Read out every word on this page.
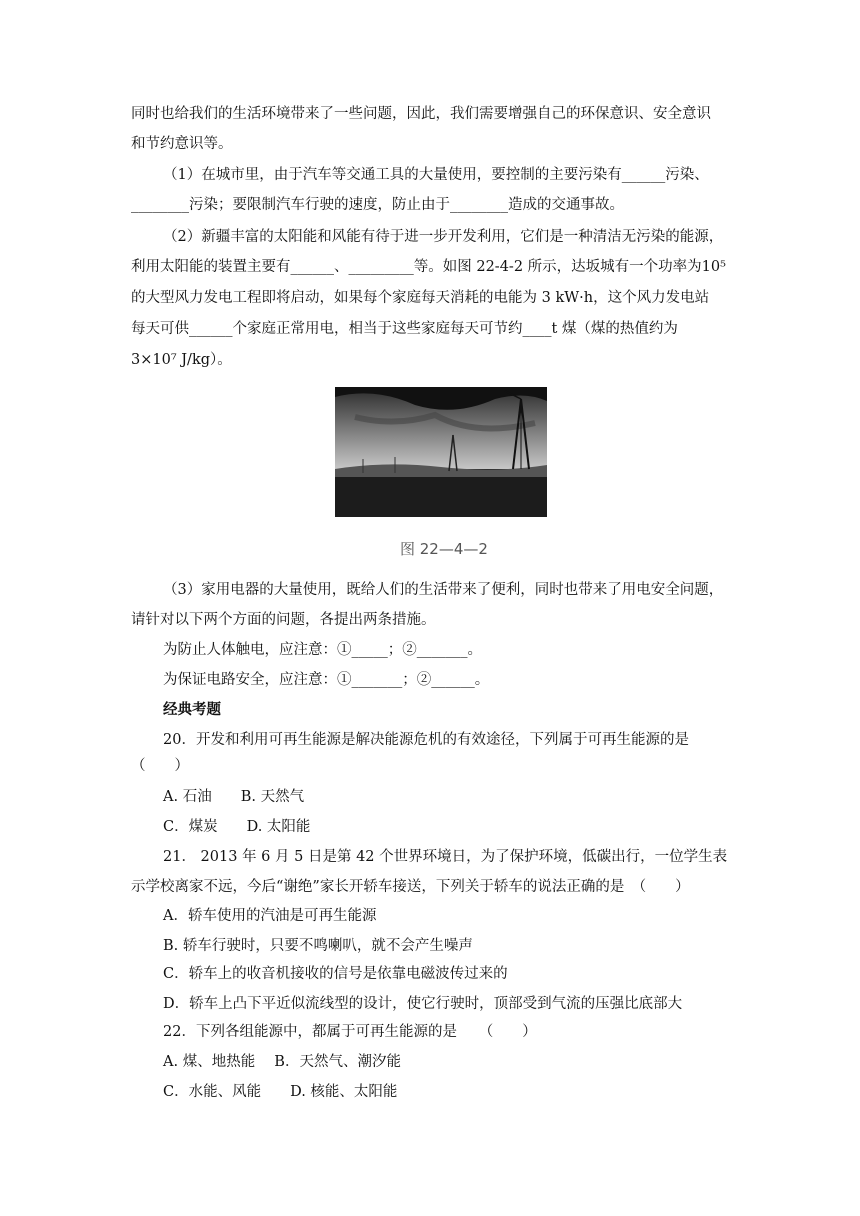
同时也给我们的生活环境带来了一些问题，因此，我们需要增强自己的环保意识、安全意识
和节约意识等。
（1）在城市里，由于汽车等交通工具的大量使用，要控制的主要污染有______污染、
________污染；要限制汽车行驶的速度，防止由于________造成的交通事故。
（2）新疆丰富的太阳能和风能有待于进一步开发利用，它们是一种清洁无污染的能源，
利用太阳能的装置主要有______、_________等。如图 22-4-2 所示，达坂城有一个功率为10⁵
的大型风力发电工程即将启动，如果每个家庭每天消耗的电能为 3 kW·h，这个风力发电站
每天可供______个家庭正常用电，相当于这些家庭每天可节约____t 煤（煤的热值约为
3×10⁷ J/kg）。
图 22—4—2
（3）家用电器的大量使用，既给人们的生活带来了便利，同时也带来了用电安全问题，
请针对以下两个方面的问题，各提出两条措施。
为防止人体触电，应注意：①_____；②_______。
为保证电路安全，应注意：①_______；②______。
经典考题
20．开发和利用可再生能源是解决能源危机的有效途径，下列属于可再生能源的是
（　　）
A. 石油　　B. 天然气
C．煤炭　　D. 太阳能
21． 2013 年 6 月 5 日是第 42 个世界环境日，为了保护环境，低碳出行，一位学生表
示学校离家不远，今后“谢绝”家长开轿车接送，下列关于轿车的说法正确的是　（　　）
A．轿车使用的汽油是可再生能源
B. 轿车行驶时，只要不鸣喇叭，就不会产生噪声
C．轿车上的收音机接收的信号是依靠电磁波传过来的
D．轿车上凸下平近似流线型的设计，使它行驶时，顶部受到气流的压强比底部大
22．下列各组能源中，都属于可再生能源的是　　（　　）
A. 煤、地热能　 B．天然气、潮汐能
C．水能、风能　　D. 核能、太阳能
